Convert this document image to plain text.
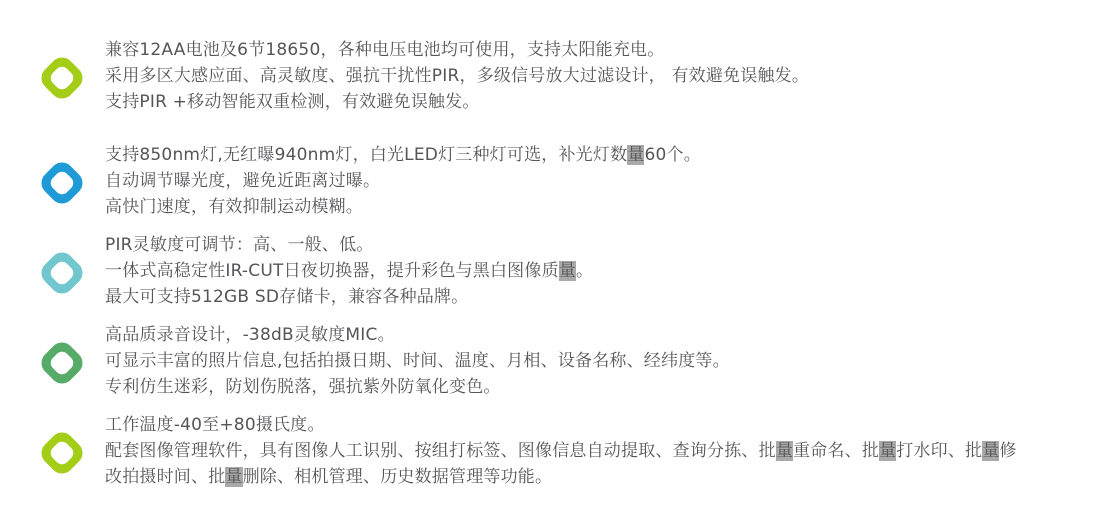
兼容12AA电池及6节18650，各种电压电池均可使用，支持太阳能充电。
采用多区大感应面、高灵敏度、强抗干扰性PIR，多级信号放大过滤设计， 有效避免误触发。
支持PIR +移动智能双重检测，有效避免误触发。
支持850nm灯,无红曝940nm灯，白光LED灯三种灯可选，补光灯数量60个。
自动调节曝光度，避免近距离过曝。
高快门速度，有效抑制运动模糊。
PIR灵敏度可调节：高、一般、低。
一体式高稳定性IR-CUT日夜切换器，提升彩色与黑白图像质量。
最大可支持512GB SD存储卡，兼容各种品牌。
高品质录音设计，-38dB灵敏度MIC。
可显示丰富的照片信息,包括拍摄日期、时间、温度、月相、设备名称、经纬度等。
专利仿生迷彩，防划伤脱落，强抗紫外防氧化变色。
工作温度-40至+80摄氏度。
配套图像管理软件，具有图像人工识别、按组打标签、图像信息自动提取、查询分拣、批量重命名、批量打水印、批量修
改拍摄时间、批量删除、相机管理、历史数据管理等功能。
